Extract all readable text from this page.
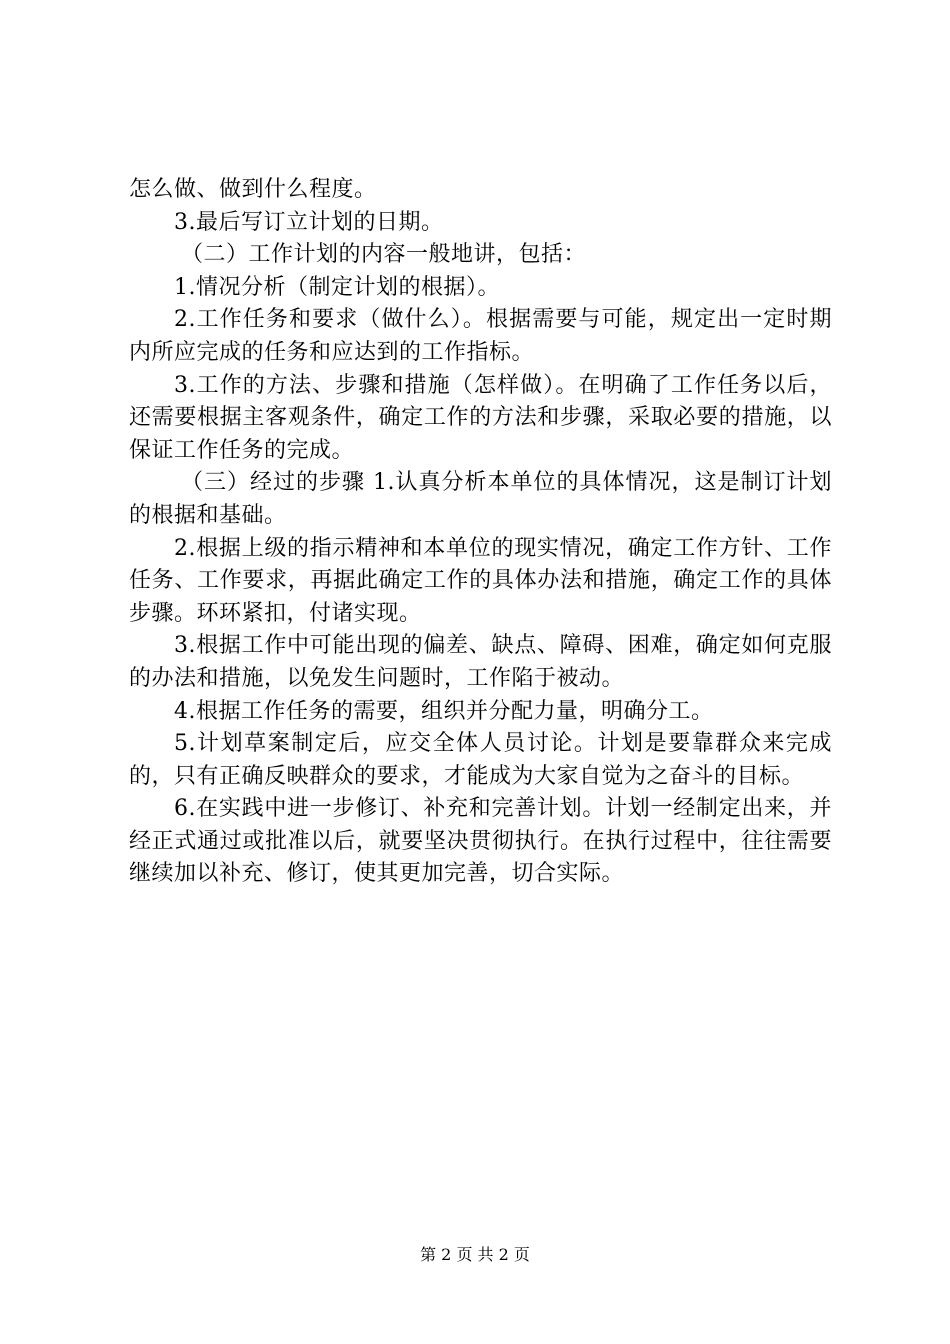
怎么做、做到什么程度。

3.最后写订立计划的日期。

（二）工作计划的内容一般地讲，包括：

1.情况分析（制定计划的根据）。

2.工作任务和要求（做什么）。根据需要与可能，规定出一定时期内所应完成的任务和应达到的工作指标。

3.工作的方法、步骤和措施（怎样做）。在明确了工作任务以后，还需要根据主客观条件，确定工作的方法和步骤，采取必要的措施，以保证工作任务的完成。

（三）经过的步骤 1.认真分析本单位的具体情况，这是制订计划的根据和基础。

2.根据上级的指示精神和本单位的现实情况，确定工作方针、工作任务、工作要求，再据此确定工作的具体办法和措施，确定工作的具体步骤。环环紧扣，付诸实现。

3.根据工作中可能出现的偏差、缺点、障碍、困难，确定如何克服的办法和措施，以免发生问题时，工作陷于被动。

4.根据工作任务的需要，组织并分配力量，明确分工。

5.计划草案制定后，应交全体人员讨论。计划是要靠群众来完成的，只有正确反映群众的要求，才能成为大家自觉为之奋斗的目标。

6.在实践中进一步修订、补充和完善计划。计划一经制定出来，并经正式通过或批准以后，就要坚决贯彻执行。在执行过程中，往往需要继续加以补充、修订，使其更加完善，切合实际。

第 2 页 共 2 页
